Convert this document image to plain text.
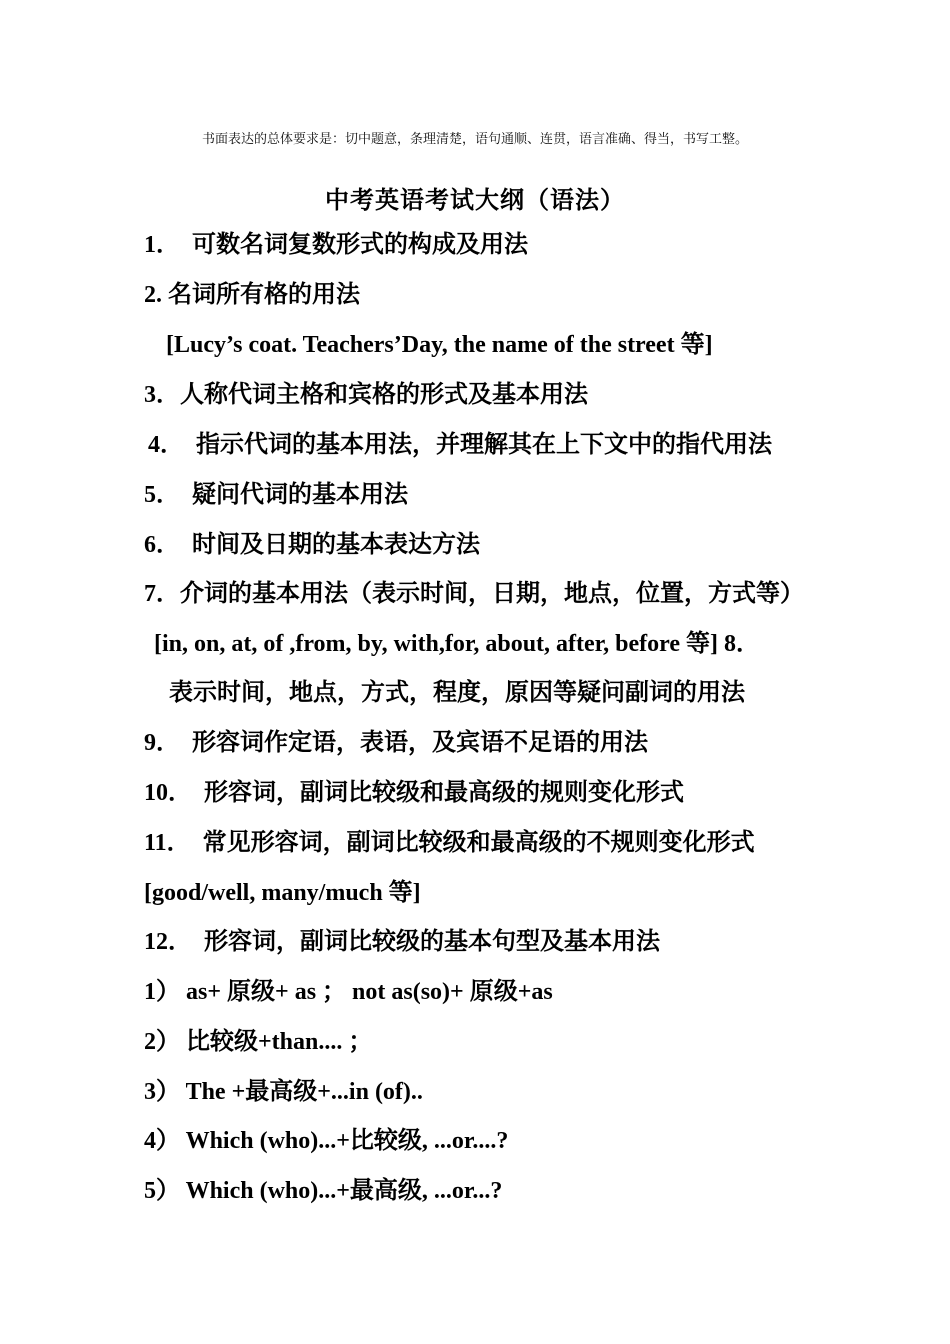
书面表达的总体要求是：切中题意，条理清楚，语句通顺、连贯，语言准确、得当，书写工整。
中考英语考试大纲（语法）
1．　可数名词复数形式的构成及用法
2. 名词所有格的用法
[Lucy’s coat. Teachers’Day, the name of the street 等]
3．人称代词主格和宾格的形式及基本用法
4．　指示代词的基本用法，并理解其在上下文中的指代用法
5．　疑问代词的基本用法
6．　时间及日期的基本表达方法
7．介词的基本用法（表示时间，日期，地点，位置，方式等）
[in, on, at, of ,from, by, with,for, about, after, before 等] 8．
表示时间，地点，方式，程度，原因等疑问副词的用法
9．　形容词作定语，表语，及宾语不足语的用法
10．　形容词，副词比较级和最高级的规则变化形式
11．　常见形容词，副词比较级和最高级的不规则变化形式
[good/well, many/much 等]
12．　形容词，副词比较级的基本句型及基本用法
1） as+ 原级+ as ； not as(so)+ 原级+as
2） 比较级+than.... ；
3） The +最高级+...in (of)..
4） Which (who)...+比较级, ...or....?
5） Which (who)...+最高级, ...or...?
